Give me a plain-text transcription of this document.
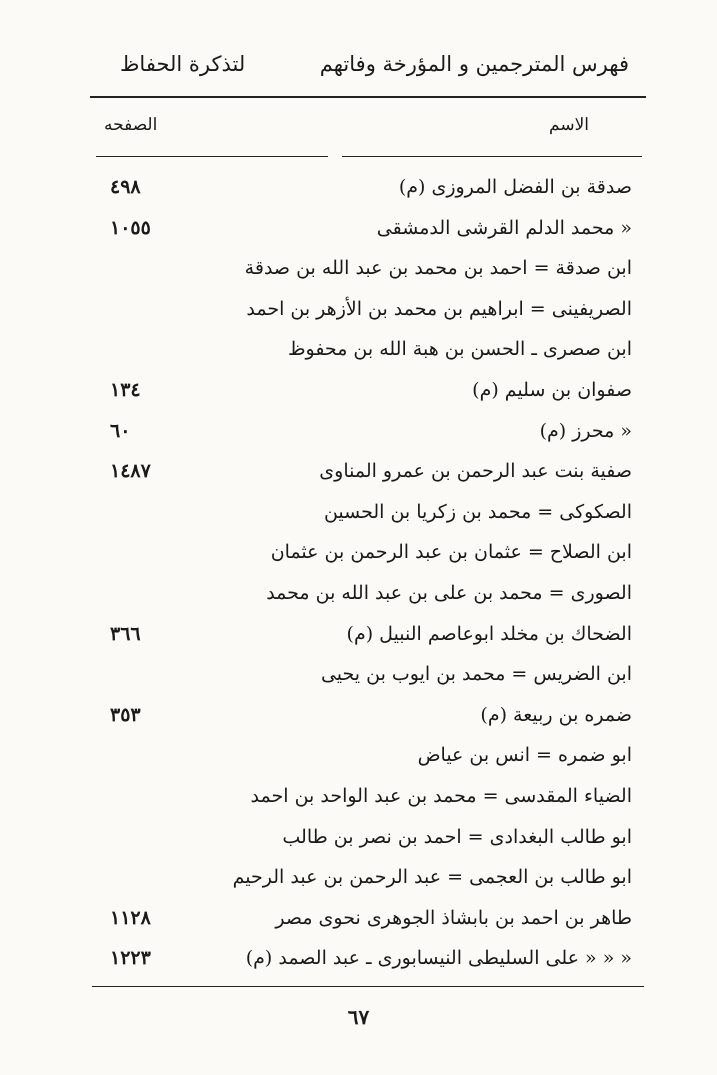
فهرس المترجمين و المؤرخة وفاتهم
لتذكرة الحفاظ
الاسم
الصفحه
صدقة بن الفضل المروزى (م)
٤٩٨
« محمد الدلم القرشى الدمشقى
١٠٥٥
ابن صدقة = احمد بن محمد بن عبد الله بن صدقة
الصريفينى = ابراهيم بن محمد بن الأزهر بن احمد
ابن صصرى ـ الحسن بن هبة الله بن محفوظ
صفوان بن سليم (م)
١٣٤
« محرز (م)
٦٠
صفية بنت عبد الرحمن بن عمرو المناوى
١٤٨٧
الصكوكى = محمد بن زكريا بن الحسين
ابن الصلاح = عثمان بن عبد الرحمن بن عثمان
الصورى = محمد بن على بن عبد الله بن محمد
الضحاك بن مخلد ابوعاصم النبيل (م)
٣٦٦
ابن الضريس = محمد بن ايوب بن يحيى
ضمره بن ربيعة (م)
٣٥٣
ابو ضمره = انس بن عياض
الضياء المقدسى = محمد بن عبد الواحد بن احمد
ابو طالب البغدادى = احمد بن نصر بن طالب
ابو طالب بن العجمى = عبد الرحمن بن عبد الرحيم
طاهر بن احمد بن بابشاذ الجوهرى نحوى مصر
١١٢٨
« « « على السليطى النيسابورى ـ عبد الصمد (م)
١٢٢٣
٦٧
